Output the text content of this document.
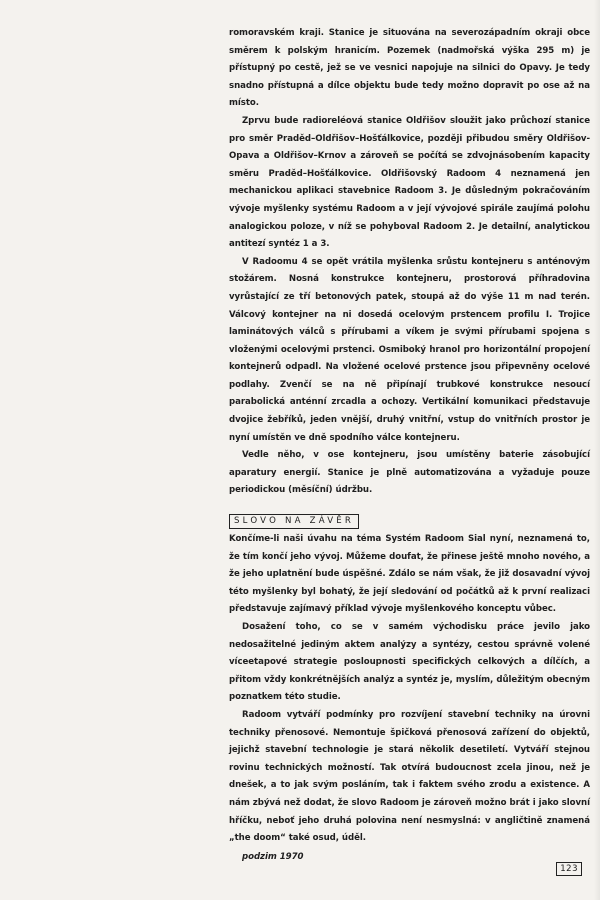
romoravském kraji. Stanice je situována na severozápadním okraji obce směrem k polským hranicím. Pozemek (nadmořská výška 295 m) je přístupný po cestě, jež se ve vesnici napojuje na silnici do Opavy. Je tedy snadno přístupná a dílce objektu bude tedy možno dopravit po ose až na místo.

Zprvu bude radioreléová stanice Oldřišov sloužit jako průchozí stanice pro směr Praděd–Oldřišov–Hošťálkovice, později přibudou směry Oldřišov-Opava a Oldřišov–Krnov a zároveň se počítá se zdvojnásobením kapacity směru Praděd–Hošťálkovice. Oldřišovský Radoom 4 neznamená jen mechanickou aplikaci stavebnice Radoom 3. Je důsledným pokračováním vývoje myšlenky systému Radoom a v její vývojové spirále zaujímá polohu analogickou poloze, v níž se pohyboval Radoom 2. Je detailní, analytickou antitezí syntéz 1 a 3.

V Radoomu 4 se opět vrátila myšlenka srůstu kontejneru s anténovým stožárem. Nosná konstrukce kontejneru, prostorová příhradovina vyrůstající ze tří betonových patek, stoupá až do výše 11 m nad terén. Válcový kontejner na ni dosedá ocelovým prstencem profilu I. Trojice laminátových válců s přírubami a víkem je svými přírubami spojena s vloženými ocelovými prstenci. Osmiboký hranol pro horizontální propojení kontejnerů odpadl. Na vložené ocelové prstence jsou připevněny ocelové podlahy. Zvenčí se na ně připínají trubkové konstrukce nesoucí parabolická anténní zrcadla a ochozy. Vertikální komunikaci představuje dvojice žebříků, jeden vnější, druhý vnitřní, vstup do vnitřních prostor je nyní umístěn ve dně spodního válce kontejneru.

Vedle něho, v ose kontejneru, jsou umístěny baterie zásobující aparatury energií. Stanice je plně automatizována a vyžaduje pouze periodickou (měsíční) údržbu.

SLOVO NA ZÁVĚR

Končíme-li naši úvahu na téma Systém Radoom Sial nyní, neznamená to, že tím končí jeho vývoj. Můžeme doufat, že přinese ještě mnoho nového, a že jeho uplatnění bude úspěšné. Zdálo se nám však, že již dosavadní vývoj této myšlenky byl bohatý, že její sledování od počátků až k první realizaci představuje zajímavý příklad vývoje myšlenkového konceptu vůbec.

Dosažení toho, co se v samém východisku práce jevilo jako nedosažitelné jediným aktem analýzy a syntézy, cestou správně volené víceetapové strategie posloupnosti specifických celkových a dílčích, a přitom vždy konkrétnějších analýz a syntéz je, myslím, důležitým obecným poznatkem této studie.

Radoom vytváří podmínky pro rozvíjení stavební techniky na úrovni techniky přenosové. Nemontuje špičková přenosová zařízení do objektů, jejichž stavební technologie je stará několik desetiletí. Vytváří stejnou rovinu technických možností. Tak otvírá budoucnost zcela jinou, než je dnešek, a to jak svým posláním, tak i faktem svého zrodu a existence. A nám zbývá než dodat, že slovo Radoom je zároveň možno brát i jako slovní hříčku, neboť jeho druhá polovina není nesmyslná: v angličtině znamená „the doom“ také osud, úděl.

podzim 1970
123
